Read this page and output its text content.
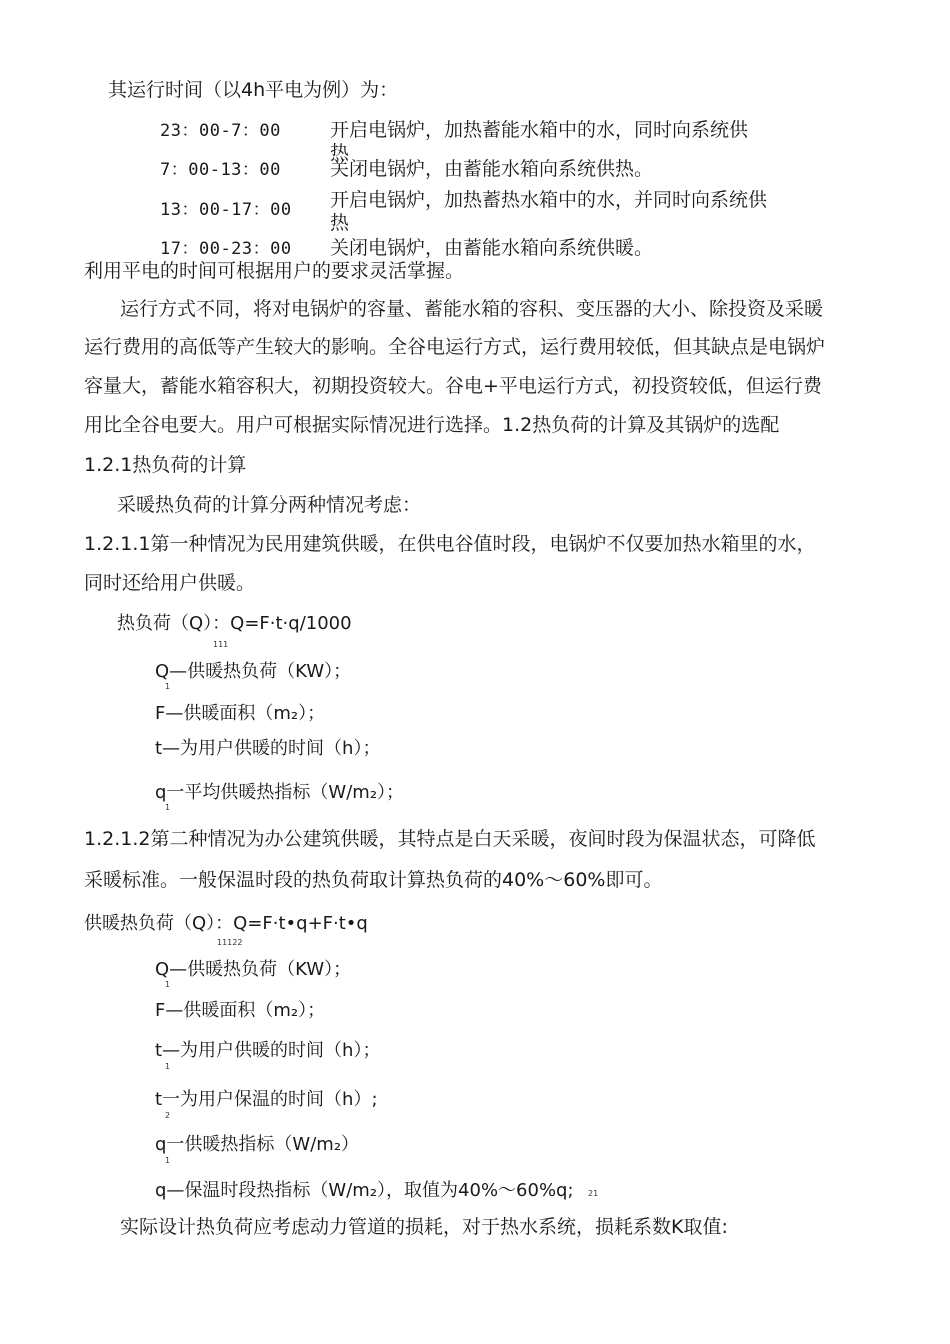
其运行时间（以4h平电为例）为：
23：00-7：00	开启电锅炉，加热蓄能水箱中的水，同时向系统供
热
7：00-13：00	关闭电锅炉，由蓄能水箱向系统供热。
13：00-17：00 开启电锅炉，加热蓄热水箱中的水，并同时向系统供
热
17：00-23：00 关闭电锅炉，由蓄能水箱向系统供暖。
利用平电的时间可根据用户的要求灵活掌握。
运行方式不同，将对电锅炉的容量、蓄能水箱的容积、变压器的大小、除投资及采暖
运行费用的高低等产生较大的影响。全谷电运行方式，运行费用较低，但其缺点是电锅炉
容量大，蓄能水箱容积大，初期投资较大。谷电+平电运行方式，初投资较低，但运行费
用比全谷电要大。用户可根据实际情况进行选择。1.2热负荷的计算及其锅炉的选配
1.2.1热负荷的计算
采暖热负荷的计算分两种情况考虑：
1.2.1.1第一种情况为民用建筑供暖，在供电谷值时段，电锅炉不仅要加热水箱里的水，
同时还给用户供暖。
热负荷（Q）：Q=F·t·q/1000
111
Q—供暖热负荷（KW）；
1
F—供暖面积（m₂）；
t—为用户供暖的时间（h）；
q一平均供暖热指标（W/m₂）；
1
1.2.1.2第二种情况为办公建筑供暖，其特点是白天采暖，夜间时段为保温状态，可降低
采暖标准。一般保温时段的热负荷取计算热负荷的40%〜60%即可。
供暖热负荷（Q）：Q=F·t•q+F·t•q
11122
Q—供暖热负荷（KW）；
1
F—供暖面积（m₂）；
t—为用户供暖的时间（h）；
1
t一为用户保温的时间（h）;
2
q一供暖热指标（W/m₂）
1
q—保温时段热指标（W/m₂），取值为40%〜60%q; 21
实际设计热负荷应考虑动力管道的损耗，对于热水系统，损耗系数K取值:
